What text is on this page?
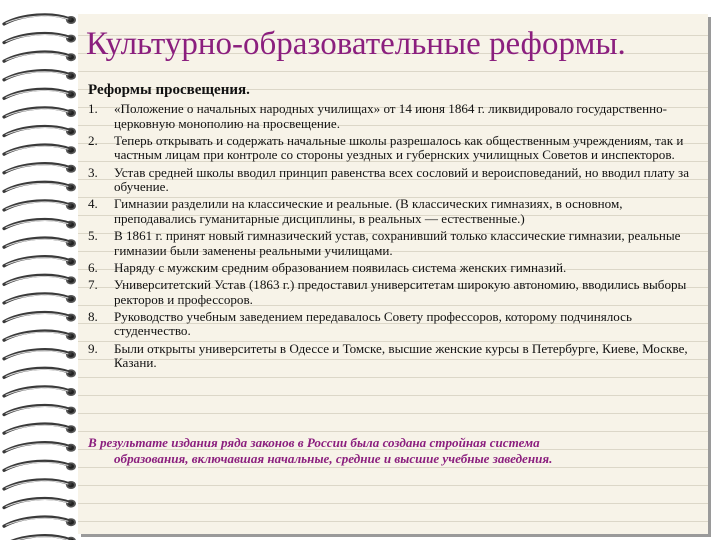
Культурно-образовательные реформы.
Реформы просвещения.
1. «Положение о начальных народных училищах» от 14 июня 1864 г. ликвидировало государственно-церковную монополию на просвещение.
2. Теперь открывать и содержать начальные школы разрешалось как общественным учреждениям, так и частным лицам при контроле со стороны уездных и губернских училищных Советов и инспекторов.
3. Устав средней школы вводил принцип равенства всех сословий и вероисповеданий, но вводил плату за обучение.
4. Гимназии разделили на классические и реальные. (В классических гимназиях, в основном, преподавались гуманитарные дисциплины, в реальных — естественные.)
5. В 1861 г. принят новый гимназический устав, сохранивший только классические гимназии, реальные гимназии были заменены реальными училищами.
6. Наряду с мужским средним образованием появилась система женских гимназий.
7. Университетский Устав (1863 г.) предоставил университетам широкую автономию, вводились выборы ректоров и профессоров.
8. Руководство учебным заведением передавалось Совету профессоров, которому подчинялось студенчество.
9. Были открыты университеты в Одессе и Томске, высшие женские курсы в Петербурге, Киеве, Москве, Казани.

В результате издания ряда законов в России была создана стройная система
образования, включавшая начальные, средние и высшие учебные заведения.
